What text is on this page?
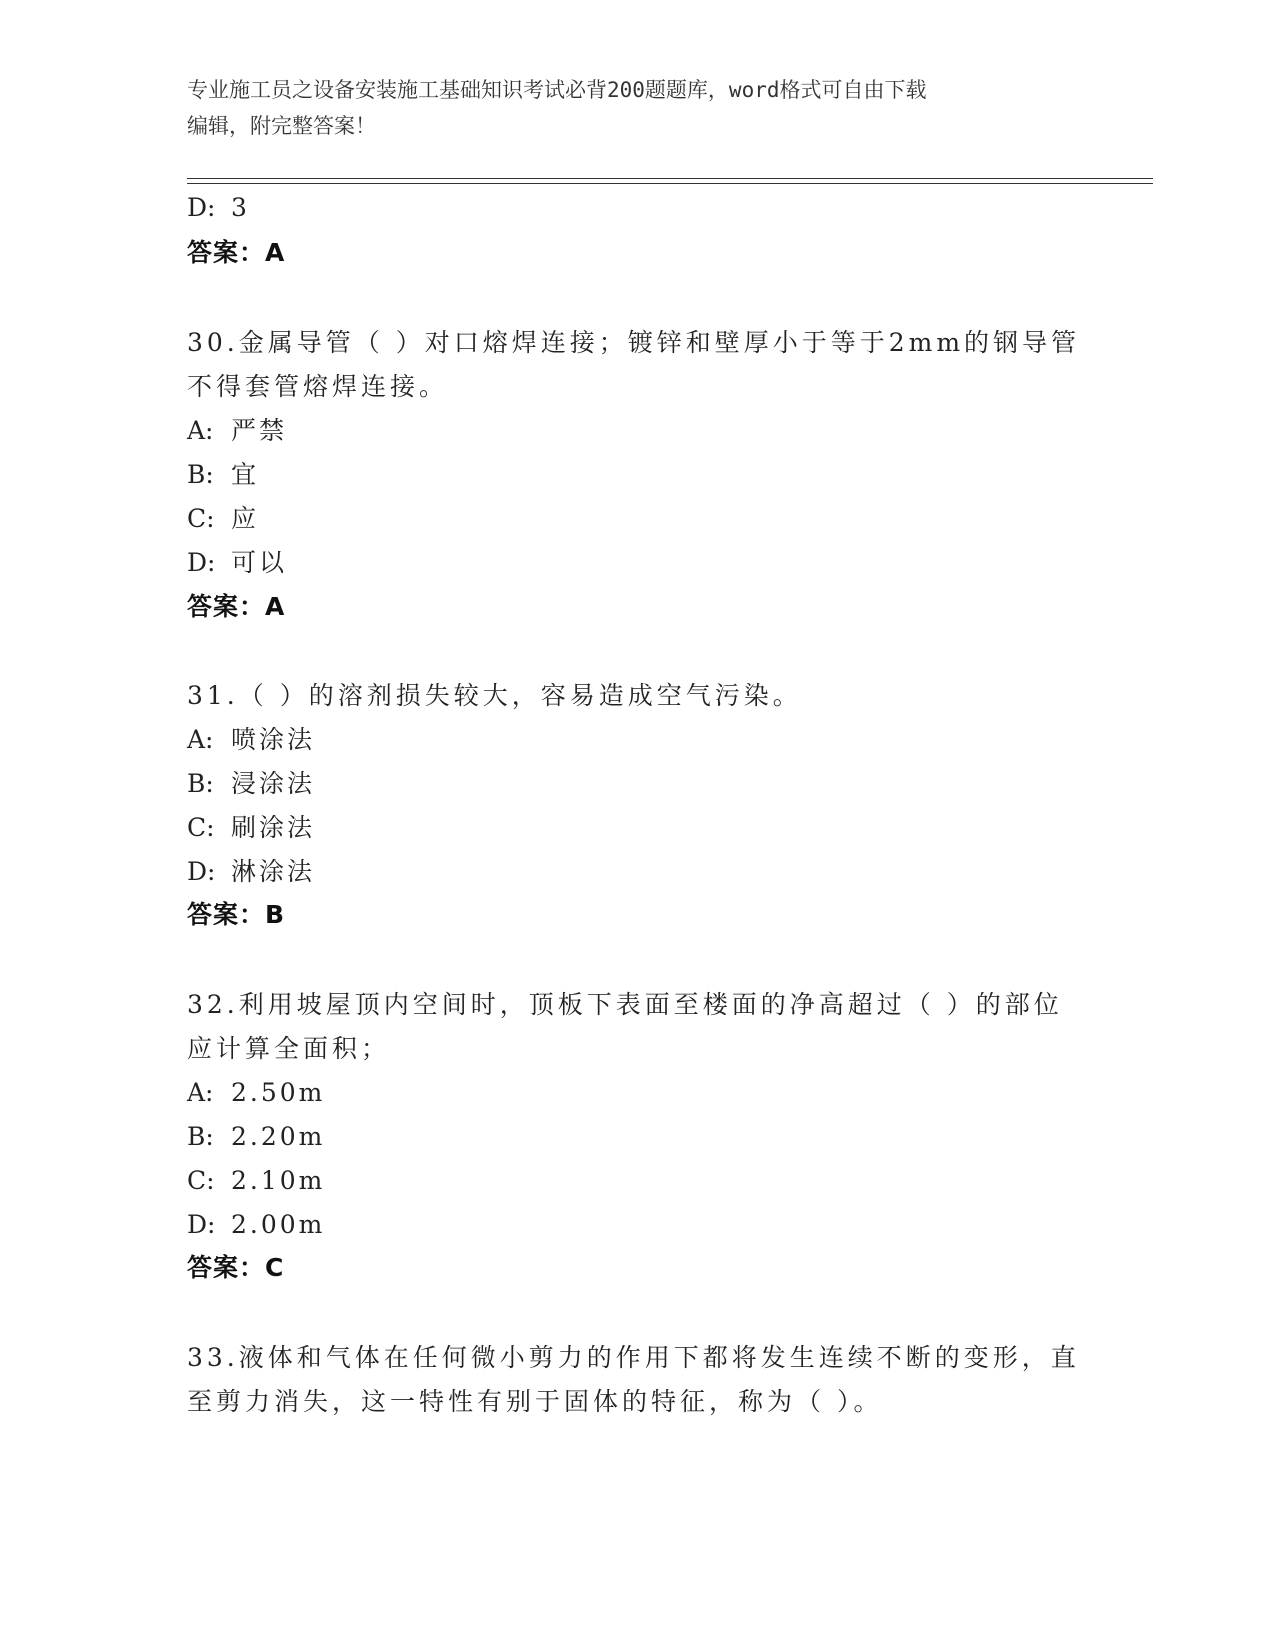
专业施工员之设备安装施工基础知识考试必背200题题库，word格式可自由下载
编辑，附完整答案！
D: 3
答案：A
30.金属导管（ ）对口熔焊连接；镀锌和壁厚小于等于2mm的钢导管
不得套管熔焊连接。
A: 严禁
B: 宜
C: 应
D: 可以
答案：A
31.（ ）的溶剂损失较大，容易造成空气污染。
A: 喷涂法
B: 浸涂法
C: 刷涂法
D: 淋涂法
答案：B
32.利用坡屋顶内空间时，顶板下表面至楼面的净高超过（ ）的部位
应计算全面积；
A: 2.50m
B: 2.20m
C: 2.10m
D: 2.00m
答案：C
33.液体和气体在任何微小剪力的作用下都将发生连续不断的变形，直
至剪力消失，这一特性有别于固体的特征，称为（ ）。
